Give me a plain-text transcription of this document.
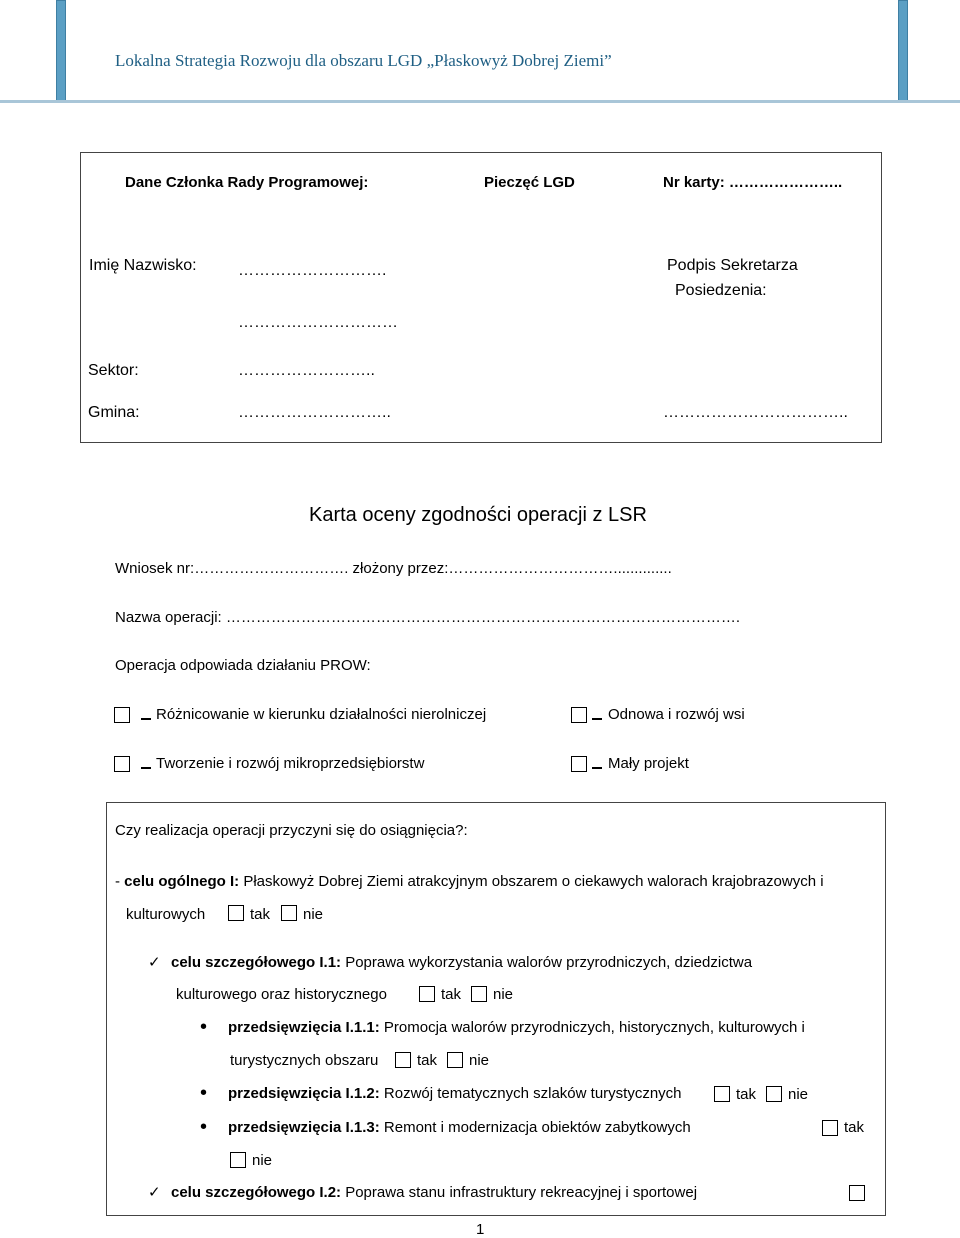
Lokalna Strategia Rozwoju dla obszaru LGD „Płaskowyż Dobrej Ziemi”
Dane Członka Rady Programowej:	Pieczęć LGD	Nr karty: …………………..
Imię Nazwisko:	……………………….
…………………………
Podpis Sekretarza
Posiedzenia:
Sektor:	……………………..
Gmina:	………………………..	……………………………..
Karta oceny zgodności operacji z LSR
Wniosek nr:…………………………. złożony przez:……………………………..............
Nazwa operacji: ………………………………………………………………………………………….
Operacja odpowiada działaniu PROW:
Różnicowanie w kierunku działalności nierolniczej	Odnowa i rozwój wsi
Tworzenie i rozwój mikroprzedsiębiorstw	Mały projekt
Czy realizacja operacji przyczyni się do osiągnięcia?:
- celu ogólnego I: Płaskowyż Dobrej Ziemi atrakcyjnym obszarem o ciekawych walorach krajobrazowych i
kulturowych	tak nie
✓ celu szczegółowego I.1: Poprawa wykorzystania walorów przyrodniczych, dziedzictwa
kulturowego oraz historycznego	tak nie
• przedsięwzięcia I.1.1: Promocja walorów przyrodniczych, historycznych, kulturowych i
turystycznych obszaru	tak nie
• przedsięwzięcia I.1.2: Rozwój tematycznych szlaków turystycznych	tak nie
• przedsięwzięcia I.1.3: Remont i modernizacja obiektów zabytkowych	tak
nie
✓ celu szczegółowego I.2: Poprawa stanu infrastruktury rekreacyjnej i sportowej
1
